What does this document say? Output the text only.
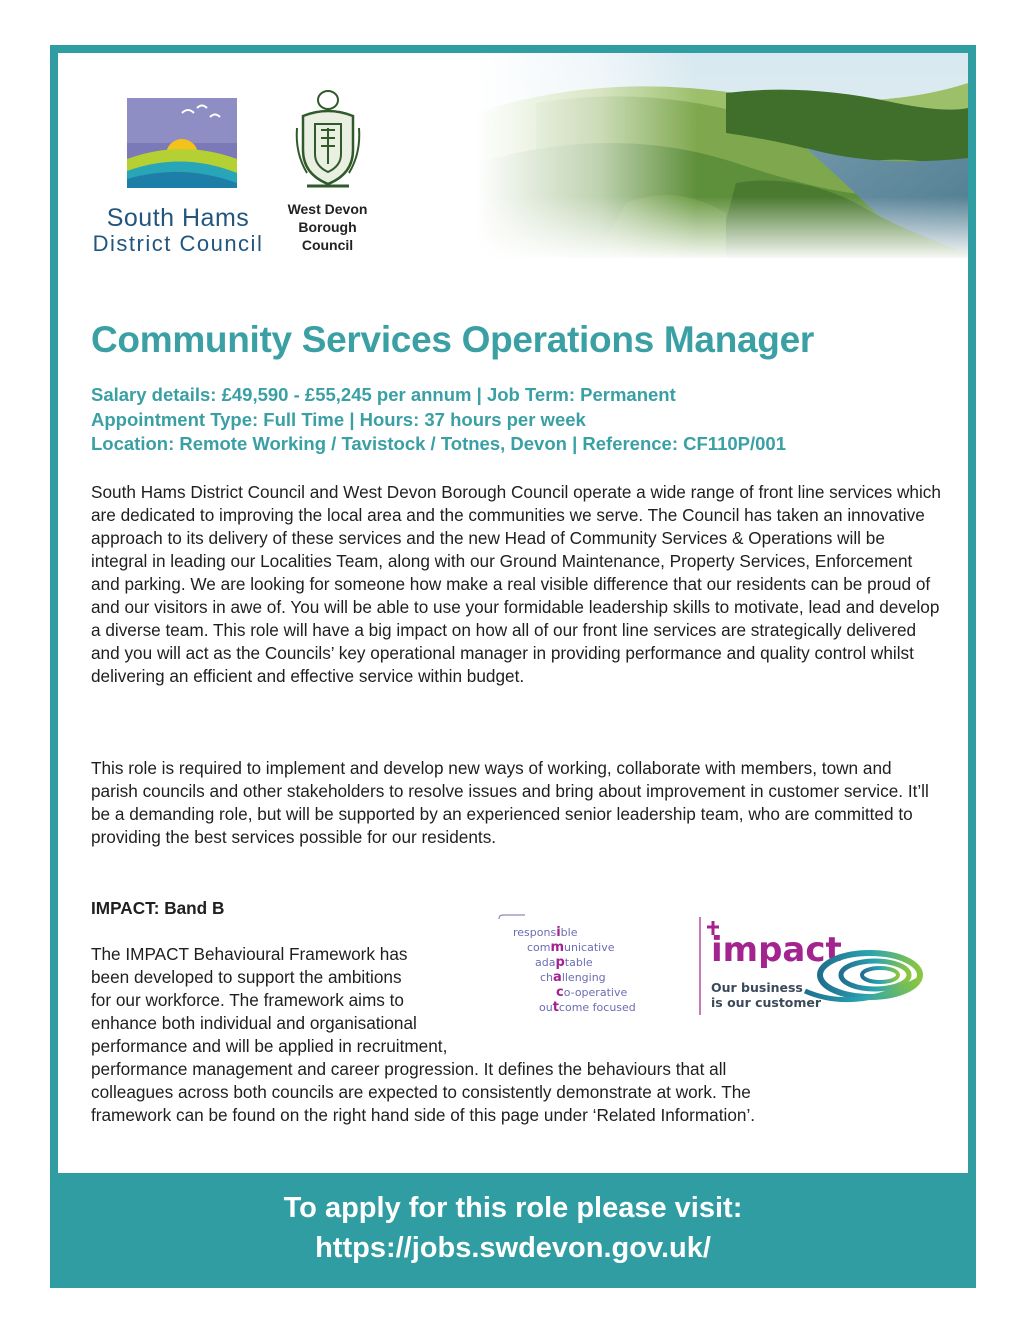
South Hams
District Council
West Devon
Borough
Council
Community Services Operations Manager
Salary details: £49,590 - £55,245 per annum | Job Term: Permanent
Appointment Type: Full Time | Hours: 37 hours per week
Location: Remote Working / Tavistock / Totnes, Devon | Reference: CF110P/001

South Hams District Council and West Devon Borough Council operate a wide range of front line services which are dedicated to improving the local area and the communities we serve. The Council has taken an innovative approach to its delivery of these services and the new Head of Community Services & Operations will be integral in leading our Localities Team, along with our Ground Maintenance, Property Services, Enforcement and parking. We are looking for someone how make a real visible difference that our residents can be proud of and our visitors in awe of. You will be able to use your formidable leadership skills to motivate, lead and develop a diverse team. This role will have a big impact on how all of our front line services are strategically delivered and you will act as the Councils’ key operational manager in providing performance and quality control whilst delivering an efficient and effective service within budget.

This role is required to implement and develop new ways of working, collaborate with members, town and parish councils and other stakeholders to resolve issues and bring about improvement in customer service. It’ll be a demanding role, but will be supported by an experienced senior leadership team, who are committed to providing the best services possible for our residents.

IMPACT: Band B

The IMPACT Behavioural Framework has
been developed to support the ambitions
for our workforce. The framework aims to
enhance both individual and organisational
performance and will be applied in recruitment,
performance management and career progression. It defines the behaviours that all
colleagues across both councils are expected to consistently demonstrate at work. The
framework can be found on the right hand side of this page under ‘Related Information’.
responsible
communicative
adaptable
challenging
co-operative
outcome focused
impact
Our business
is our customer
To apply for this role please visit:
https://jobs.swdevon.gov.uk/
